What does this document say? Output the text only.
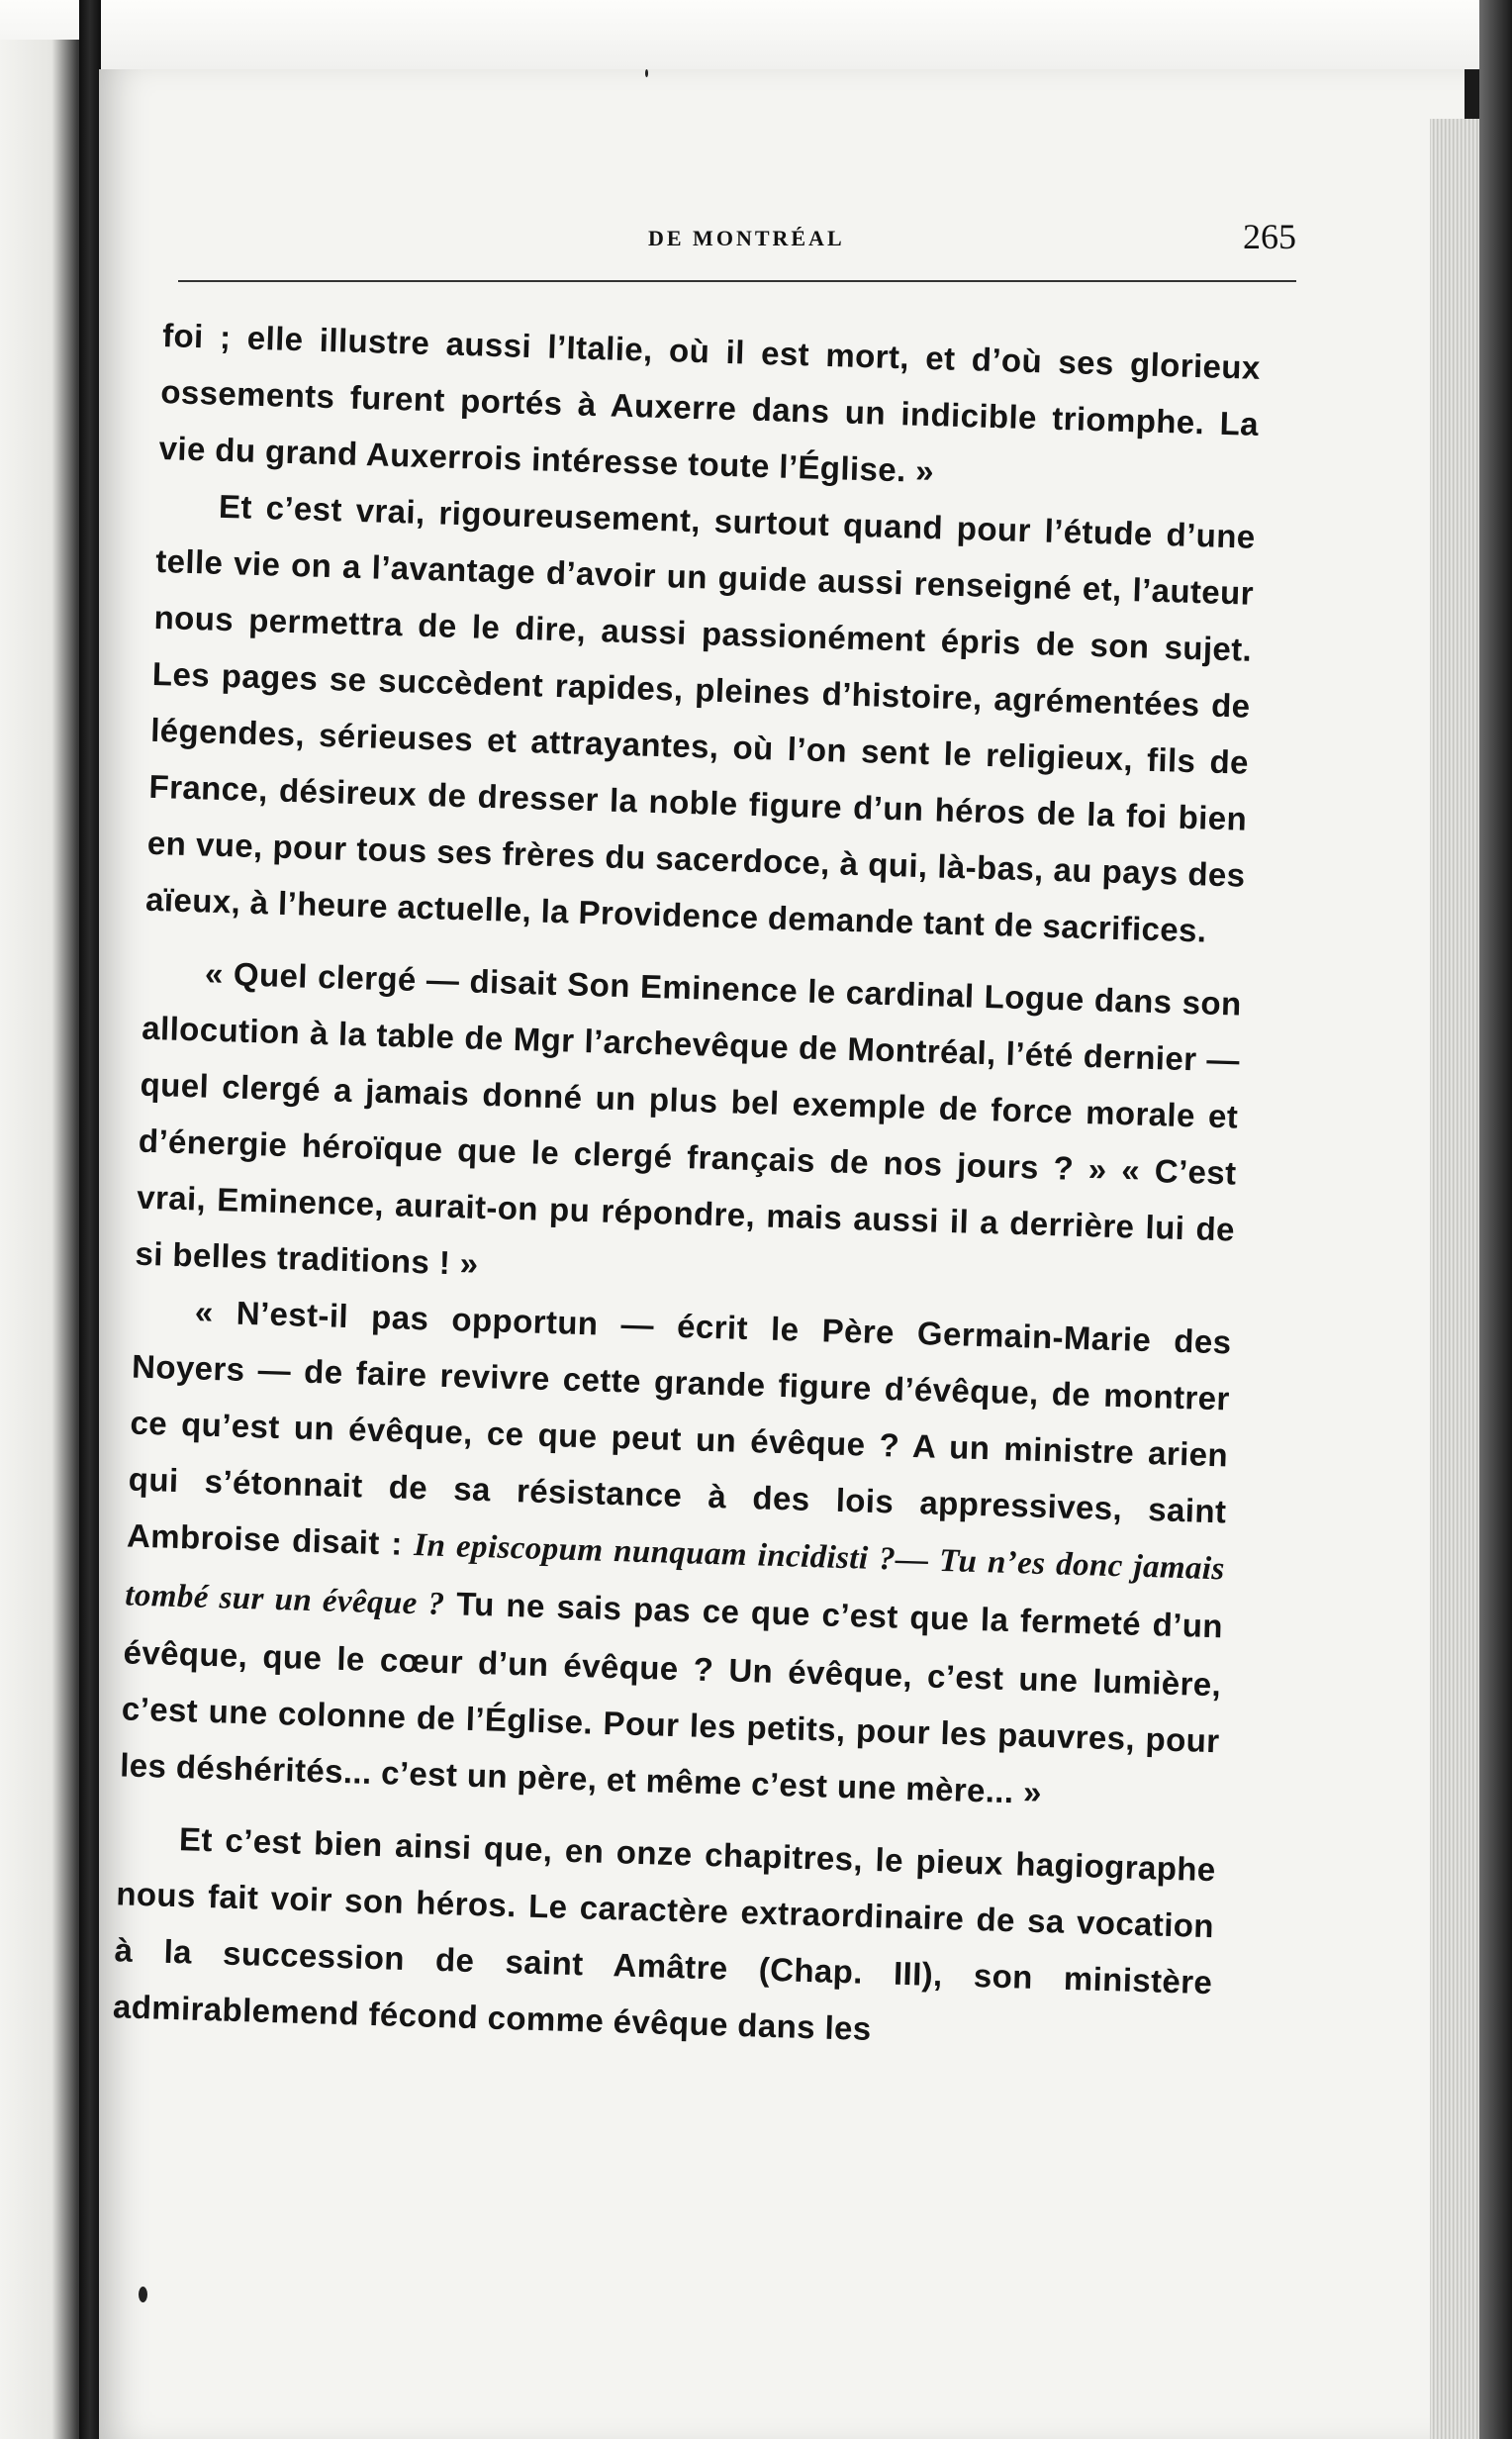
DE MONTRÉAL	265

foi ; elle illustre aussi l’Italie, où il est mort, et d’où ses glorieux ossements furent portés à Auxerre dans un indicible triomphe. La vie du grand Auxerrois intéresse toute l’Église. »

Et c’est vrai, rigoureusement, surtout quand pour l’étude d’une telle vie on a l’avantage d’avoir un guide aussi renseigné et, l’auteur nous permettra de le dire, aussi passionément épris de son sujet. Les pages se succèdent rapides, pleines d’histoire, agrémentées de légendes, sérieuses et attrayantes, où l’on sent le religieux, fils de France, désireux de dresser la noble figure d’un héros de la foi bien en vue, pour tous ses frères du sacerdoce, à qui, là-bas, au pays des aïeux, à l’heure actuelle, la Providence demande tant de sacrifices.

« Quel clergé — disait Son Eminence le cardinal Logue dans son allocution à la table de Mgr l’archevêque de Montréal, l’été dernier — quel clergé a jamais donné un plus bel exemple de force morale et d’énergie héroïque que le clergé français de nos jours ? » « C’est vrai, Eminence, aurait-on pu répondre, mais aussi il a derrière lui de si belles traditions ! »

« N’est-il pas opportun — écrit le Père Germain-Marie des Noyers — de faire revivre cette grande figure d’évêque, de montrer ce qu’est un évêque, ce que peut un évêque ? A un ministre arien qui s’étonnait de sa résistance à des lois appressives, saint Ambroise disait : In episcopum nunquam incidisti ?— Tu n’es donc jamais tombé sur un évêque ? Tu ne sais pas ce que c’est que la fermeté d’un évêque, que le cœur d’un évêque ? Un évêque, c’est une lumière, c’est une colonne de l’Église. Pour les petits, pour les pauvres, pour les déshérités... c’est un père, et même c’est une mère... »

Et c’est bien ainsi que, en onze chapitres, le pieux hagiographe nous fait voir son héros. Le caractère extraordinaire de sa vocation à la succession de saint Amâtre (Chap. III), son ministère admirablemend fécond comme évêque dans les
